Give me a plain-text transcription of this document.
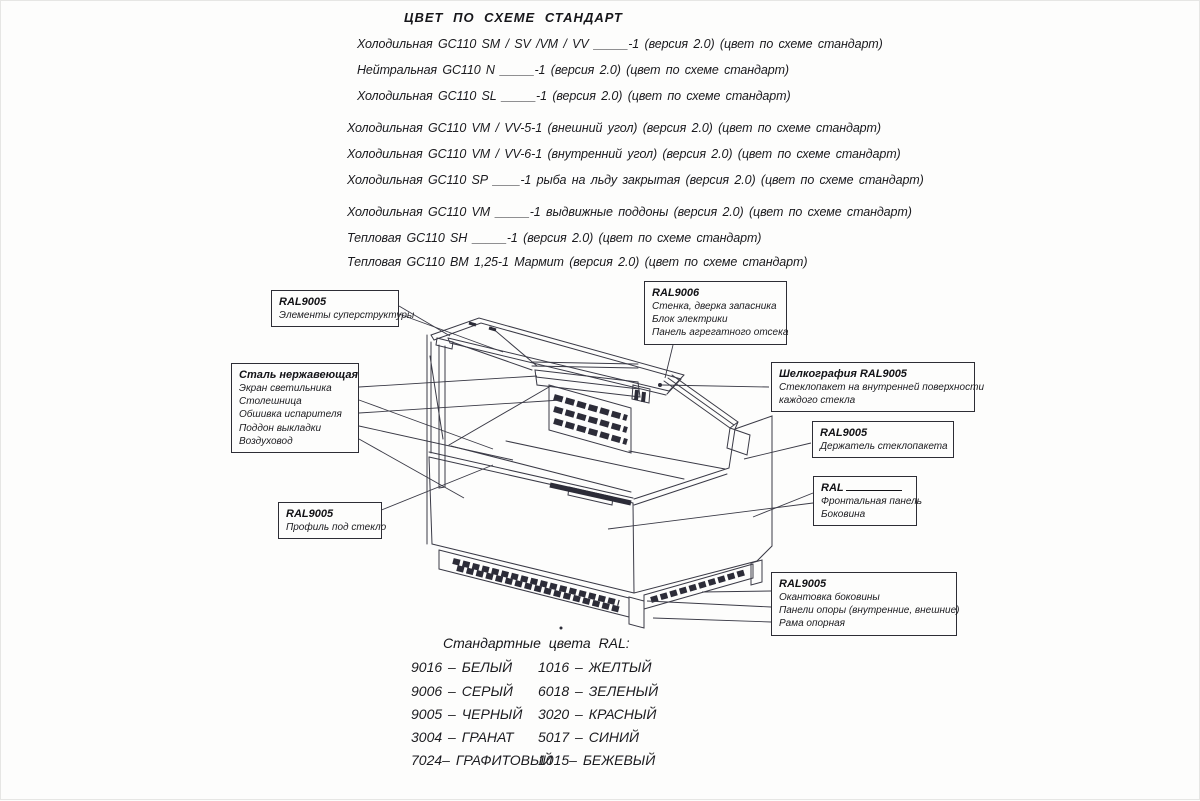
ЦВЕТ ПО СХЕМЕ СТАНДАРТ
Холодильная GC110 SM / SV /VM / VV _____-1 (версия 2.0) (цвет по схеме стандарт)
Нейтральная GC110 N _____-1 (версия 2.0) (цвет по схеме стандарт)
Холодильная GC110 SL _____-1 (версия 2.0) (цвет по схеме стандарт)
Холодильная GC110 VM / VV-5-1 (внешний угол) (версия 2.0) (цвет по схеме стандарт)
Холодильная GC110 VM / VV-6-1 (внутренний угол) (версия 2.0) (цвет по схеме стандарт)
Холодильная GC110 SP ____-1 рыба на льду закрытая (версия 2.0) (цвет по схеме стандарт)
Холодильная GC110 VM _____-1 выдвижные поддоны (версия 2.0) (цвет по схеме стандарт)
Тепловая GC110 SH _____-1 (версия 2.0) (цвет по схеме стандарт)
Тепловая GC110 ВМ 1,25-1 Мармит (версия 2.0) (цвет по схеме стандарт)
RAL9005
Элементы суперструктуры
RAL9006
Стенка, дверка запасника
Блок электрики
Панель агрегатного отсека
Сталь нержавеющая
Экран светильника
Столешница
Обшивка испарителя
Поддон выкладки
Воздуховод
Шелкография RAL9005
Стеклопакет на внутренней поверхности
каждого стекла
RAL9005
Держатель стеклопакета
RAL
Фронтальная панель
Боковина
RAL9005
Профиль под стекло
RAL9005
Окантовка боковины
Панели опоры (внутренние, внешние)
Рама опорная
Стандартные цвета RAL:
9016 – БЕЛЫЙ 1016 – ЖЕЛТЫЙ
9006 – СЕРЫЙ 6018 – ЗЕЛЕНЫЙ
9005 – ЧЕРНЫЙ 3020 – КРАСНЫЙ
3004 – ГРАНАТ 5017 – СИНИЙ
7024– ГРАФИТОВЫЙ
1015– БЕЖЕВЫЙ
